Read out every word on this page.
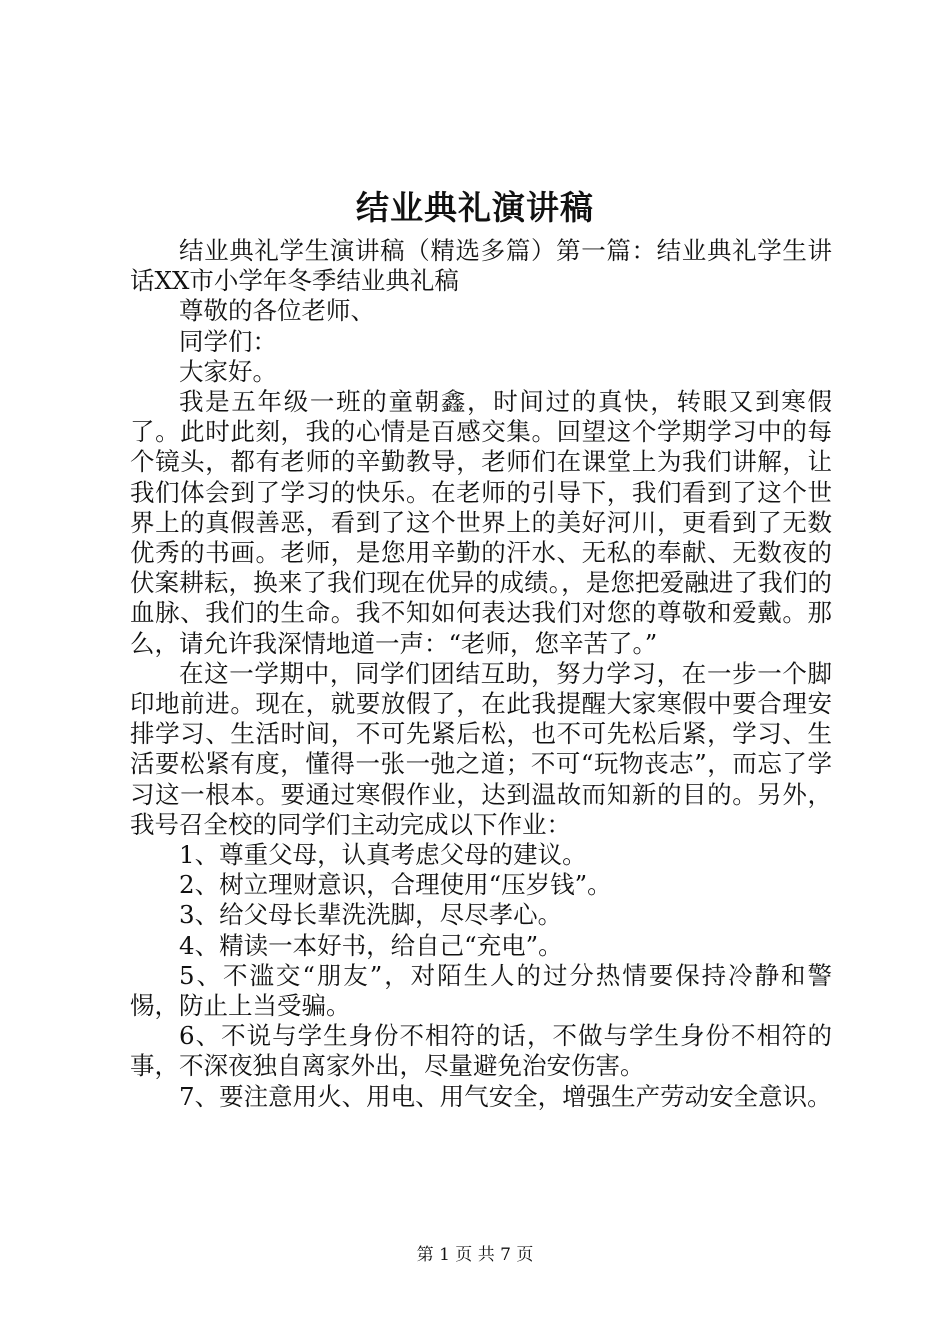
结业典礼演讲稿

结业典礼学生演讲稿（精选多篇）第一篇：结业典礼学生讲话XX市小学年冬季结业典礼稿

尊敬的各位老师、

同学们：

大家好。

我是五年级一班的童朝鑫，时间过的真快，转眼又到寒假了。此时此刻，我的心情是百感交集。回望这个学期学习中的每个镜头，都有老师的辛勤教导，老师们在课堂上为我们讲解，让我们体会到了学习的快乐。在老师的引导下，我们看到了这个世界上的真假善恶，看到了这个世界上的美好河川，更看到了无数优秀的书画。老师，是您用辛勤的汗水、无私的奉献、无数夜的伏案耕耘，换来了我们现在优异的成绩。，是您把爱融进了我们的血脉、我们的生命。我不知如何表达我们对您的尊敬和爱戴。那么，请允许我深情地道一声：“老师，您辛苦了。”

在这一学期中，同学们团结互助，努力学习，在一步一个脚印地前进。现在，就要放假了，在此我提醒大家寒假中要合理安排学习、生活时间，不可先紧后松，也不可先松后紧，学习、生活要松紧有度，懂得一张一弛之道；不可“玩物丧志”，而忘了学习这一根本。要通过寒假作业，达到温故而知新的目的。另外，我号召全校的同学们主动完成以下作业：

1、尊重父母，认真考虑父母的建议。

2、树立理财意识，合理使用“压岁钱”。

3、给父母长辈洗洗脚，尽尽孝心。

4、精读一本好书，给自己“充电”。

5、不滥交“朋友”，对陌生人的过分热情要保持冷静和警惕，防止上当受骗。

6、不说与学生身份不相符的话，不做与学生身份不相符的事，不深夜独自离家外出，尽量避免治安伤害。

7、要注意用火、用电、用气安全，增强生产劳动安全意识。

第 1 页 共 7 页
